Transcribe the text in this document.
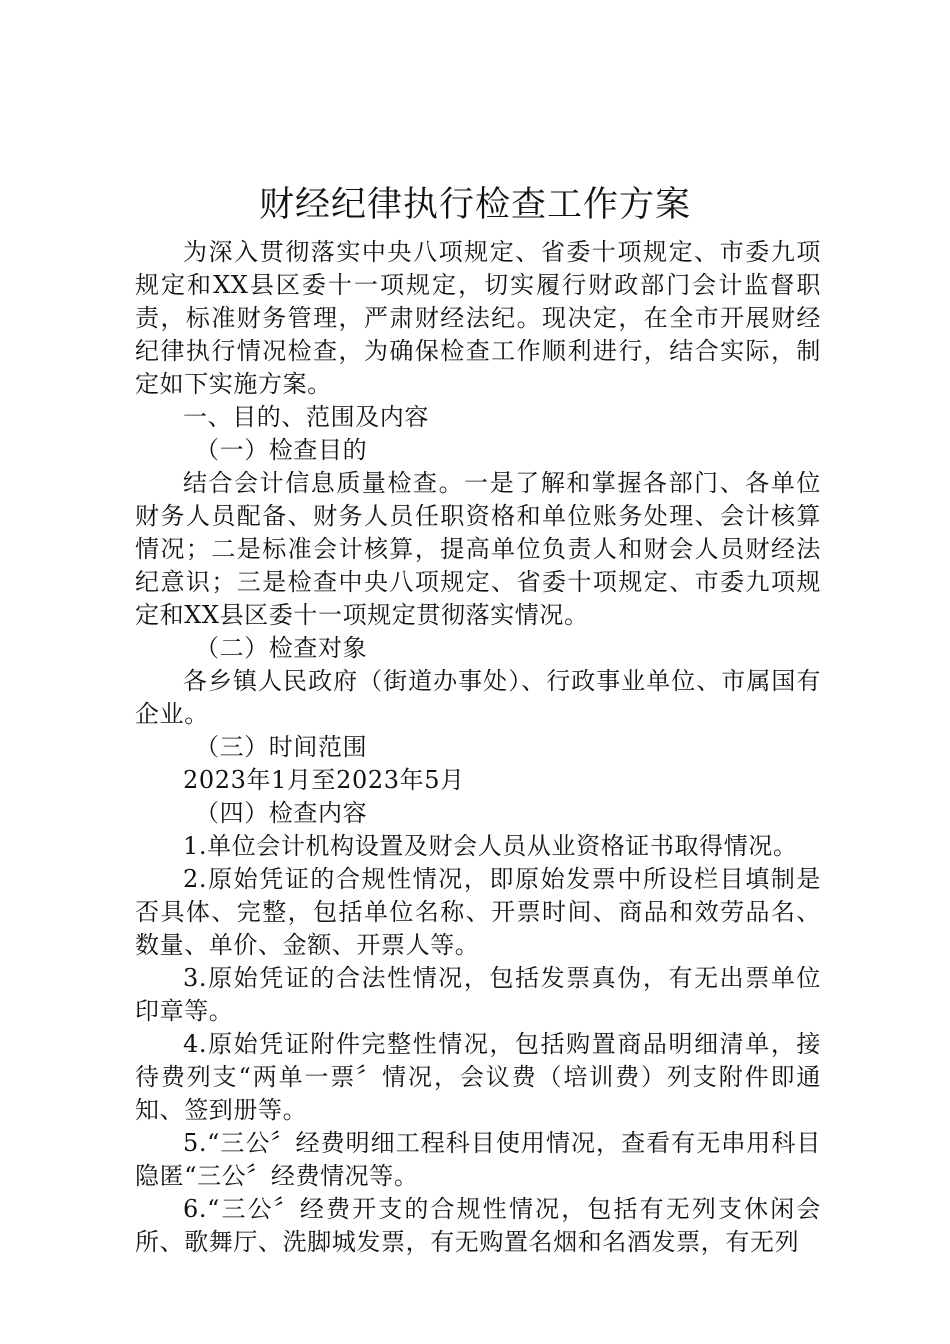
财经纪律执行检查工作方案

为深入贯彻落实中央八项规定、省委十项规定、市委九项规定和XX县区委十一项规定，切实履行财政部门会计监督职责，标准财务管理，严肃财经法纪。现决定，在全市开展财经纪律执行情况检查，为确保检查工作顺利进行，结合实际，制定如下实施方案。

一、目的、范围及内容

（一）检查目的

结合会计信息质量检查。一是了解和掌握各部门、各单位财务人员配备、财务人员任职资格和单位账务处理、会计核算情况；二是标准会计核算，提高单位负责人和财会人员财经法纪意识；三是检查中央八项规定、省委十项规定、市委九项规定和XX县区委十一项规定贯彻落实情况。

（二）检查对象

各乡镇人民政府（街道办事处）、行政事业单位、市属国有企业。

（三）时间范围

2023年1月至2023年5月

（四）检查内容

1.单位会计机构设置及财会人员从业资格证书取得情况。

2.原始凭证的合规性情况，即原始发票中所设栏目填制是否具体、完整，包括单位名称、开票时间、商品和效劳品名、数量、单价、金额、开票人等。

3.原始凭证的合法性情况，包括发票真伪，有无出票单位印章等。

4.原始凭证附件完整性情况，包括购置商品明细清单，接待费列支“两单一票〞情况，会议费（培训费）列支附件即通知、签到册等。

5.“三公〞经费明细工程科目使用情况，查看有无串用科目隐匿“三公〞经费情况等。

6.“三公〞经费开支的合规性情况，包括有无列支休闲会所、歌舞厅、洗脚城发票，有无购置名烟和名酒发票，有无列
